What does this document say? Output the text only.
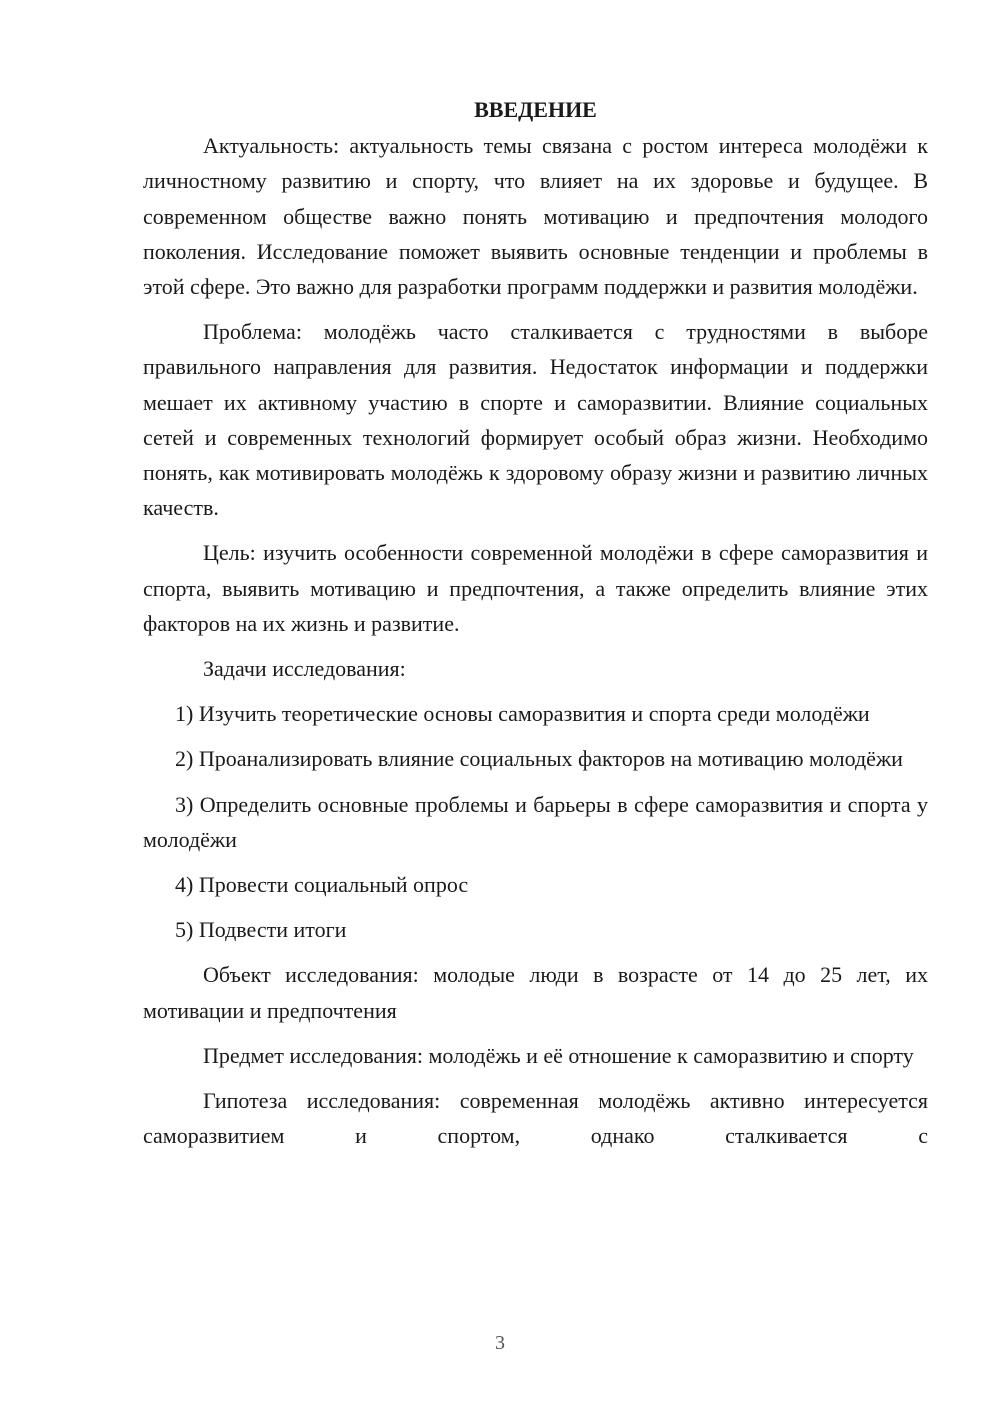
ВВЕДЕНИЕ

Актуальность: актуальность темы связана с ростом интереса молодёжи к личностному развитию и спорту, что влияет на их здоровье и будущее. В современном обществе важно понять мотивацию и предпочтения молодого поколения. Исследование поможет выявить основные тенденции и проблемы в этой сфере. Это важно для разработки программ поддержки и развития молодёжи.

Проблема: молодёжь часто сталкивается с трудностями в выборе правильного направления для развития. Недостаток информации и поддержки мешает их активному участию в спорте и саморазвитии. Влияние социальных сетей и современных технологий формирует особый образ жизни. Необходимо понять, как мотивировать молодёжь к здоровому образу жизни и развитию личных качеств.

Цель: изучить особенности современной молодёжи в сфере саморазвития и спорта, выявить мотивацию и предпочтения, а также определить влияние этих факторов на их жизнь и развитие.

Задачи исследования:

1) Изучить теоретические основы саморазвития и спорта среди молодёжи

2) Проанализировать влияние социальных факторов на мотивацию молодёжи

3) Определить основные проблемы и барьеры в сфере саморазвития и спорта у молодёжи

4) Провести социальный опрос

5) Подвести итоги

Объект исследования: молодые люди в возрасте от 14 до 25 лет, их мотивации и предпочтения

Предмет исследования: молодёжь и её отношение к саморазвитию и спорту

Гипотеза исследования: современная молодёжь активно интересуется саморазвитием и спортом, однако сталкивается с

3
